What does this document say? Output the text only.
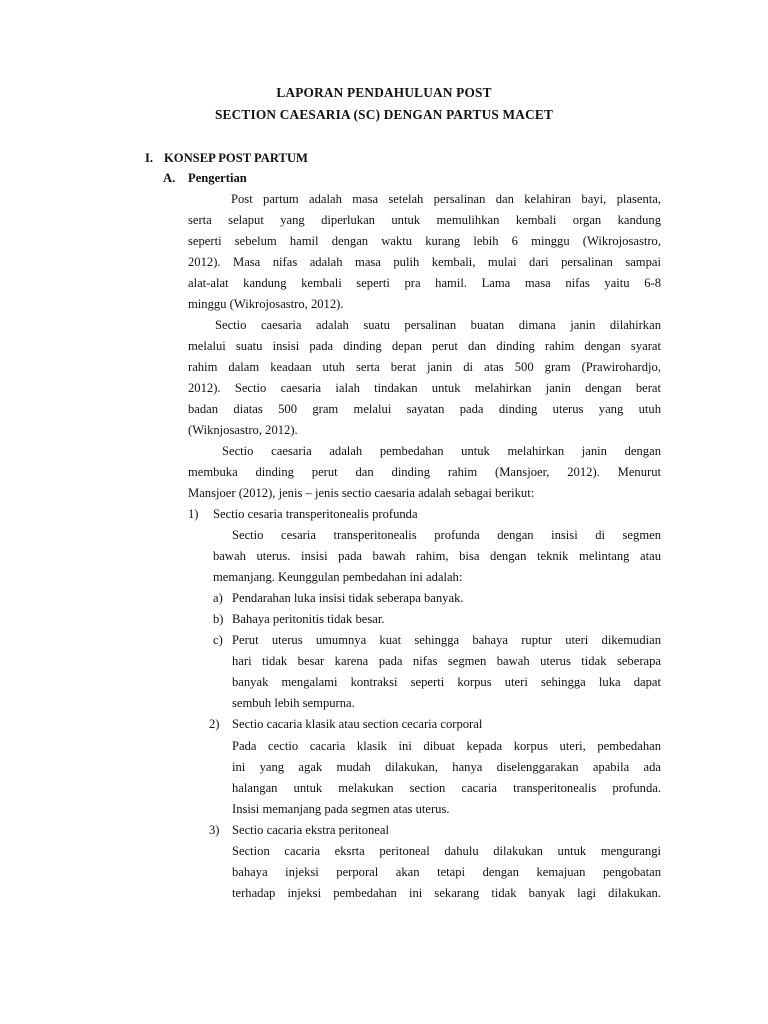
LAPORAN PENDAHULUAN POST
SECTION CAESARIA (SC) DENGAN PARTUS MACET
I. KONSEP POST PARTUM
A. Pengertian
Post partum adalah masa setelah persalinan dan kelahiran bayi, plasenta,
serta selaput yang diperlukan untuk memulihkan kembali organ kandung
seperti sebelum hamil dengan waktu kurang lebih 6 minggu (Wikrojosastro,
2012). Masa nifas adalah masa pulih kembali, mulai dari persalinan sampai
alat-alat kandung kembali seperti pra hamil. Lama masa nifas yaitu 6-8
minggu (Wikrojosastro, 2012).
Sectio caesaria adalah suatu persalinan buatan dimana janin dilahirkan
melalui suatu insisi pada dinding depan perut dan dinding rahim dengan syarat
rahim dalam keadaan utuh serta berat janin di atas 500 gram (Prawirohardjo,
2012). Sectio caesaria ialah tindakan untuk melahirkan janin dengan berat
badan diatas 500 gram melalui sayatan pada dinding uterus yang utuh
(Wiknjosastro, 2012).
Sectio caesaria adalah pembedahan untuk melahirkan janin dengan
membuka dinding perut dan dinding rahim (Mansjoer, 2012). Menurut
Mansjoer (2012), jenis – jenis sectio caesaria adalah sebagai berikut:
1) Sectio cesaria transperitonealis profunda
Sectio cesaria transperitonealis profunda dengan insisi di segmen
bawah uterus. insisi pada bawah rahim, bisa dengan teknik melintang atau
memanjang. Keunggulan pembedahan ini adalah:
a) Pendarahan luka insisi tidak seberapa banyak.
b) Bahaya peritonitis tidak besar.
c) Perut uterus umumnya kuat sehingga bahaya ruptur uteri dikemudian
hari tidak besar karena pada nifas segmen bawah uterus tidak seberapa
banyak mengalami kontraksi seperti korpus uteri sehingga luka dapat
sembuh lebih sempurna.
2) Sectio cacaria klasik atau section cecaria corporal
Pada cectio cacaria klasik ini dibuat kepada korpus uteri, pembedahan
ini yang agak mudah dilakukan, hanya diselenggarakan apabila ada
halangan untuk melakukan section cacaria transperitonealis profunda.
Insisi memanjang pada segmen atas uterus.
3) Sectio cacaria ekstra peritoneal
Section cacaria eksrta peritoneal dahulu dilakukan untuk mengurangi
bahaya injeksi perporal akan tetapi dengan kemajuan pengobatan
terhadap injeksi pembedahan ini sekarang tidak banyak lagi dilakukan.
